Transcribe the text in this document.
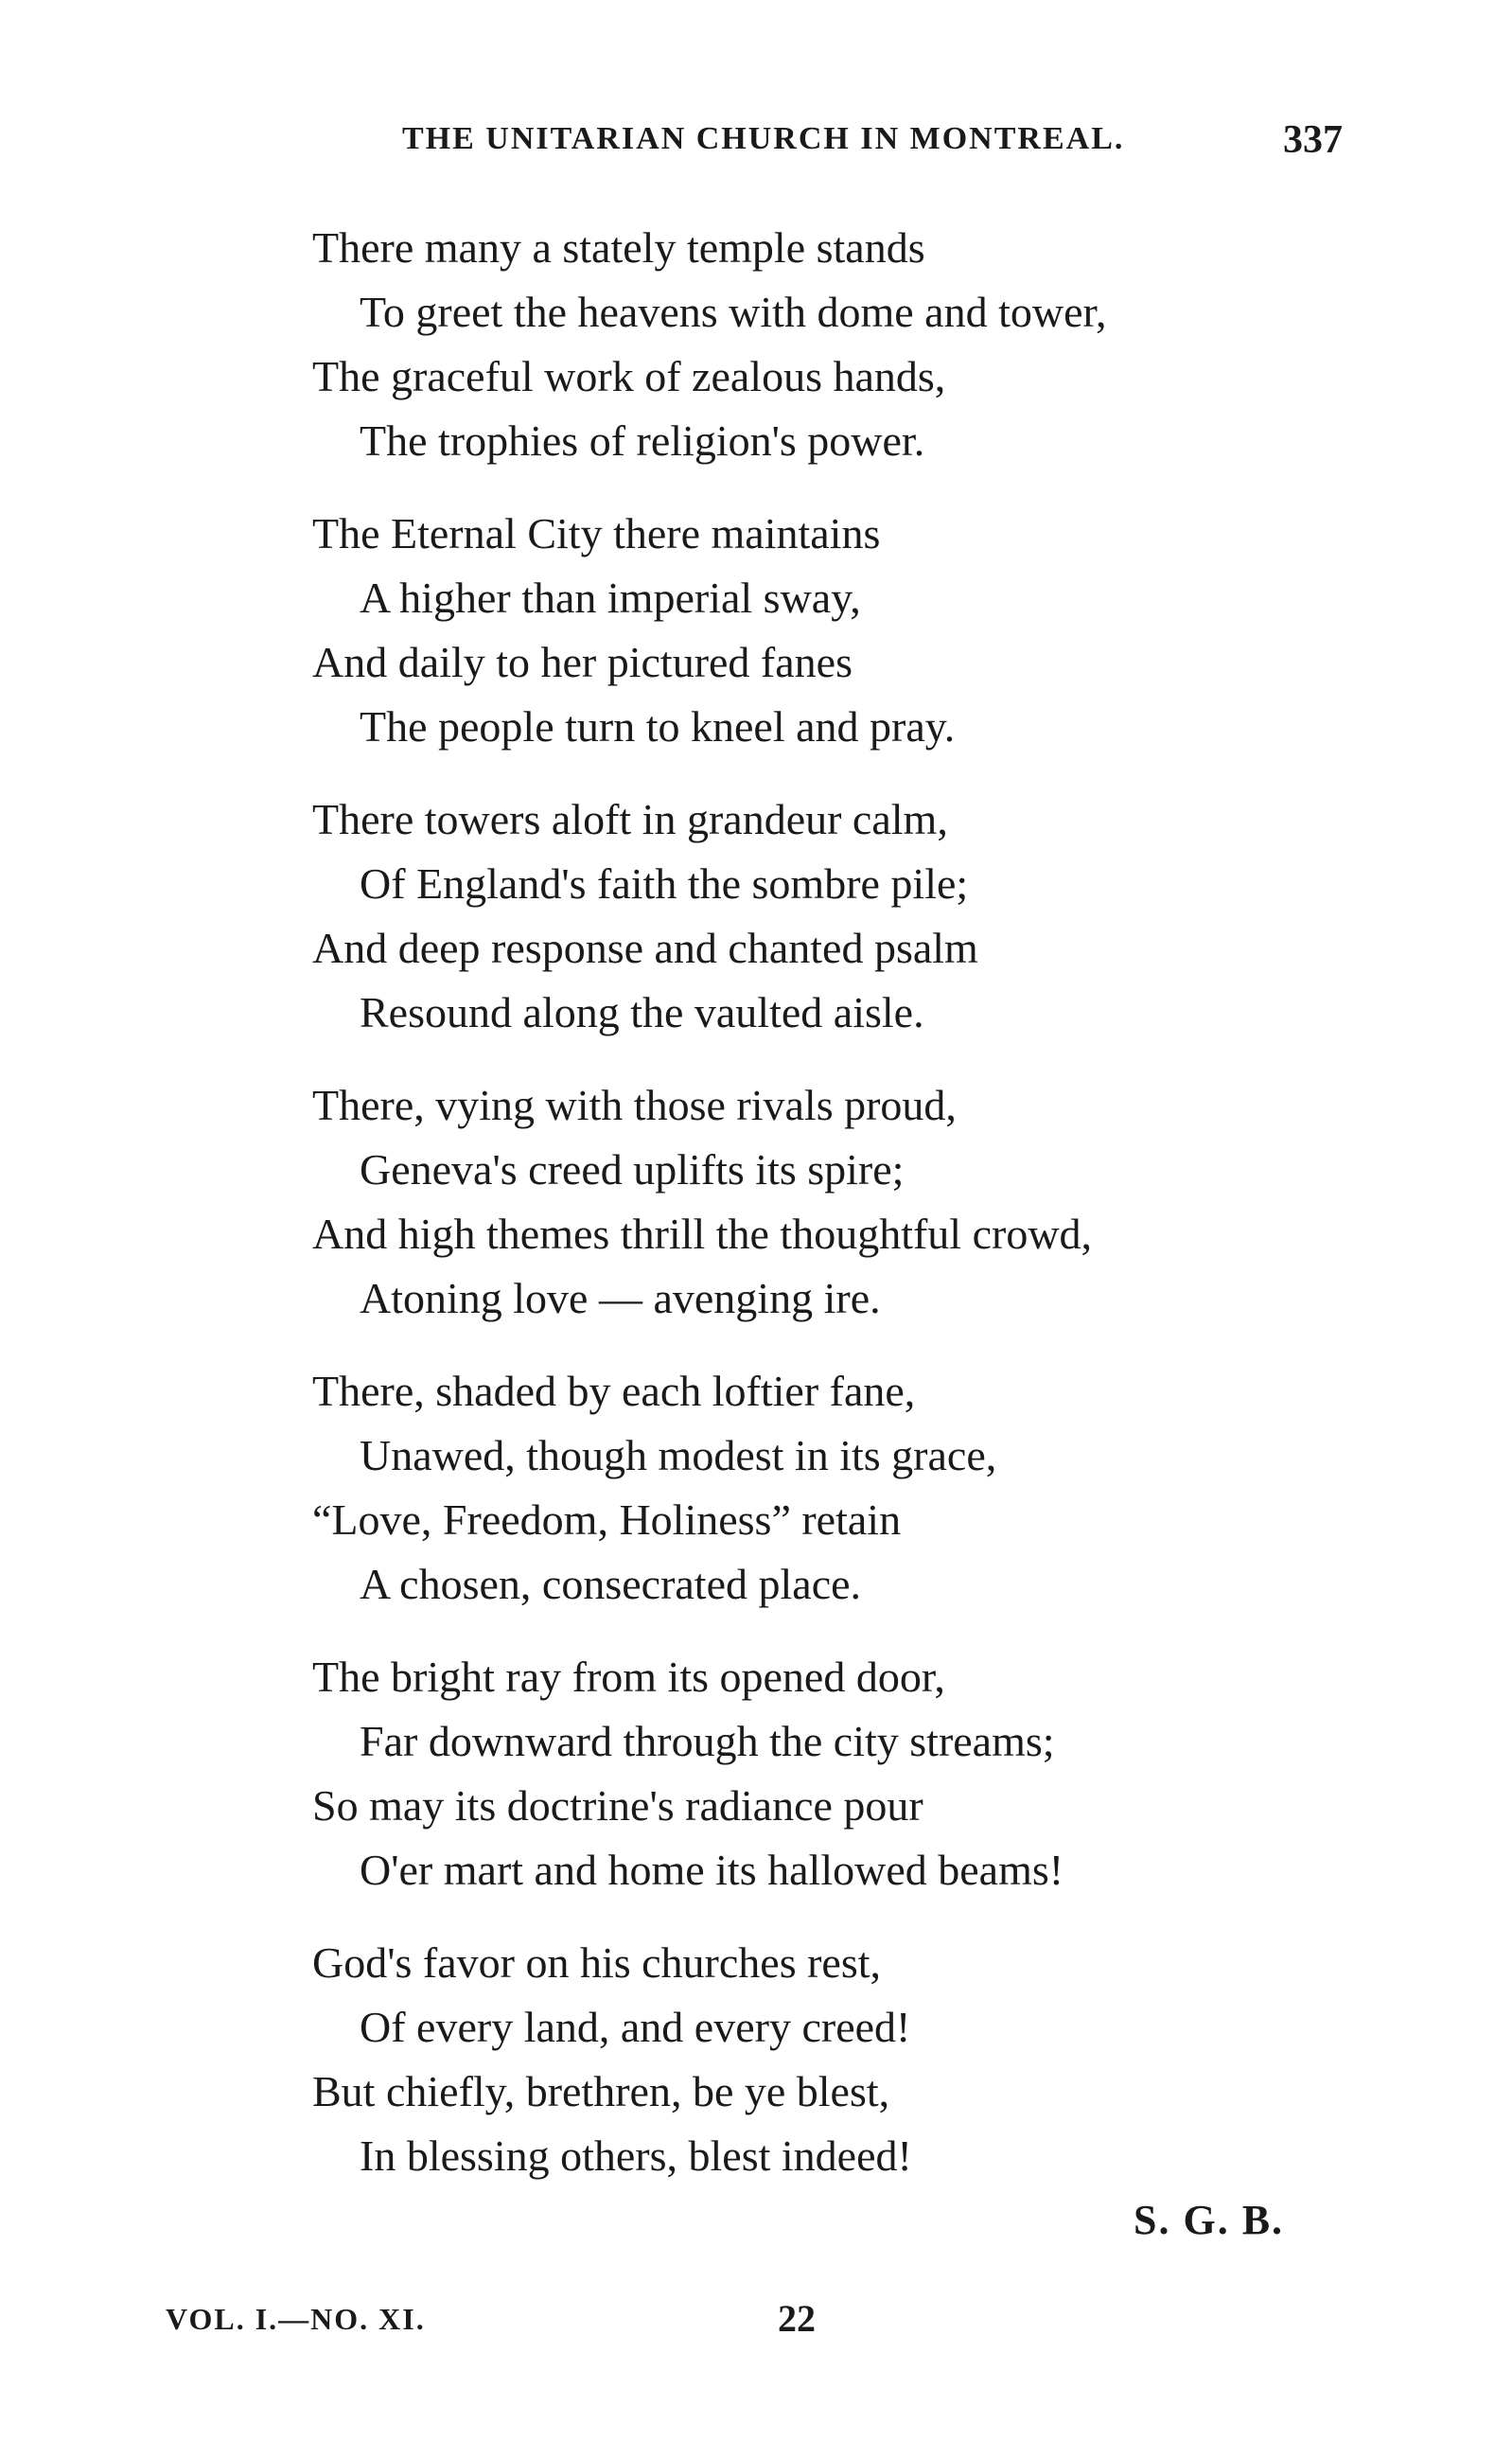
THE UNITARIAN CHURCH IN MONTREAL.	337
There many a stately temple stands
To greet the heavens with dome and tower,
The graceful work of zealous hands,
The trophies of religion's power.
The Eternal City there maintains
A higher than imperial sway,
And daily to her pictured fanes
The people turn to kneel and pray.
There towers aloft in grandeur calm,
Of England's faith the sombre pile;
And deep response and chanted psalm
Resound along the vaulted aisle.
There, vying with those rivals proud,
Geneva's creed uplifts its spire;
And high themes thrill the thoughtful crowd,
Atoning love — avenging ire.
There, shaded by each loftier fane,
Unawed, though modest in its grace,
“Love, Freedom, Holiness” retain
A chosen, consecrated place.
The bright ray from its opened door,
Far downward through the city streams;
So may its doctrine's radiance pour
O'er mart and home its hallowed beams!
God's favor on his churches rest,
Of every land, and every creed!
But chiefly, brethren, be ye blest,
In blessing others, blest indeed!
S. G. B.
VOL. I.—NO. XI.	22
